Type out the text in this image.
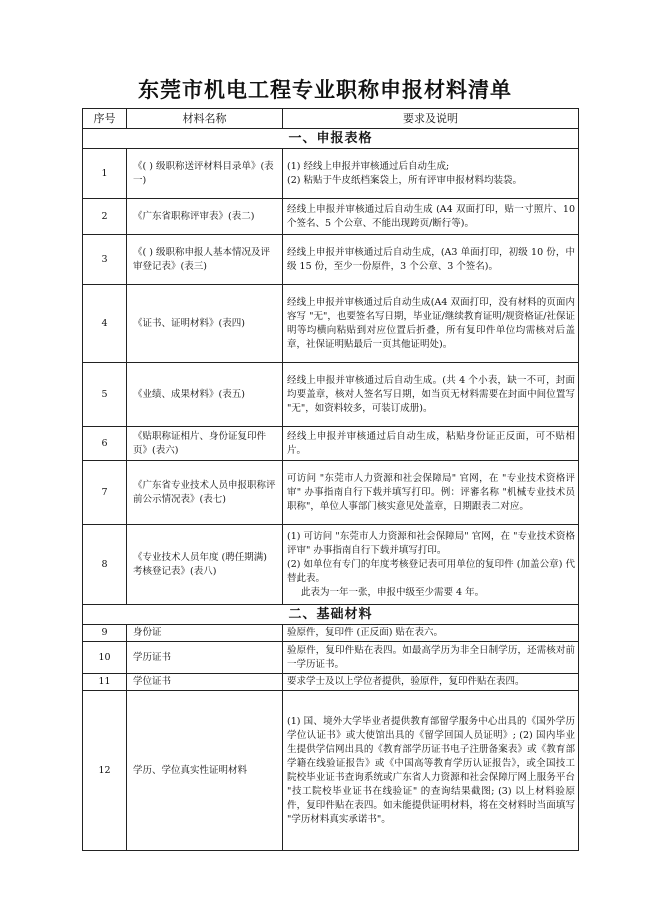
东莞市机电工程专业职称申报材料清单
序号	材料名称	要求及说明
一、申报表格		
1	《( ) 级职称送评材料目录单》(表一)	(1) 经线上申报并审核通过后自动生成;
(2) 粘贴于牛皮纸档案袋上，所有评审申报材料均装袋。

2	《广东省职称评审表》(表二)	经线上申报并审核通过后自动生成 (A4 双面打印，贴一寸照片、10 个签名、5 个公章、不能出现跨页/断行等)。
3	《( ) 级职称申报人基本情况及评审登记表》(表三)	经线上申报并审核通过后自动生成，(A3 单面打印，初级 10 份，中级 15 份，至少一份原件，3 个公章、3 个签名)。
4	《证书、证明材料》(表四)	经线上申报并审核通过后自动生成(A4 双面打印，没有材料的页面内容写 "无"，也要签名写日期，毕业证/继续教育证明/规资格证/社保证明等均横向粘贴到对应位置后折叠，所有复印件单位均需核对后盖章，社保证明贴最后一页其他证明处)。
5	《业绩、成果材料》(表五)	经线上申报并审核通过后自动生成。(共 4 个小表，缺一不可，封面均要盖章，核对人签名写日期，如当页无材料需要在封面中间位置写 "无"，如资料较多，可装订成册)。
6	《贴职称证相片、身份证复印件页》(表六)	经线上申报并审核通过后自动生成，粘贴身份证正反面，可不贴相片。
7	《广东省专业技术人员申报职称评前公示情况表》(表七)	可访问 "东莞市人力资源和社会保障局" 官网，在 "专业技术资格评审" 办事指南自行下载并填写打印。例：评審名称 "机械专业技术员职称"，单位人事部门核实意见处盖章，日期跟表二对应。
8	《专业技术人员年度 (聘任期满) 考核登记表》(表八)	(1) 可访问 "东莞市人力资源和社会保障局" 官网，在 "专业技术资格评审" 办事指南自行下载并填写打印。
(2) 如单位有专门的年度考核登记表可用单位的复印件 (加盖公章) 代替此表。
此表为一年一张，申报中级至少需要 4 年。

二、基础材料		
9	身份证	验原件，复印件 (正反面) 贴在表六。
10	学历证书	验原件，复印件贴在表四。如最高学历为非全日制学历，还需核对前一学历证书。
11	学位证书	要求学士及以上学位者提供，验原件，复印件贴在表四。
12	学历、学位真实性证明材料	(1) 国、境外大学毕业者提供教育部留学服务中心出具的《国外学历学位认证书》或大使馆出具的《留学回国人员证明》; (2) 国内毕业生提供学信网出具的《教育部学历证书电子注册备案表》或《教育部学籍在线验证报告》或《中国高等教育学历认证报告》，或全国技工院校毕业证书查询系统或广东省人力资源和社会保障厅网上服务平台 "技工院校毕业证书在线验证" 的查询结果截图; (3) 以上材料验原件，复印件贴在表四。如未能提供证明材料，将在交材料时当面填写 "学历材料真实承诺书"。
